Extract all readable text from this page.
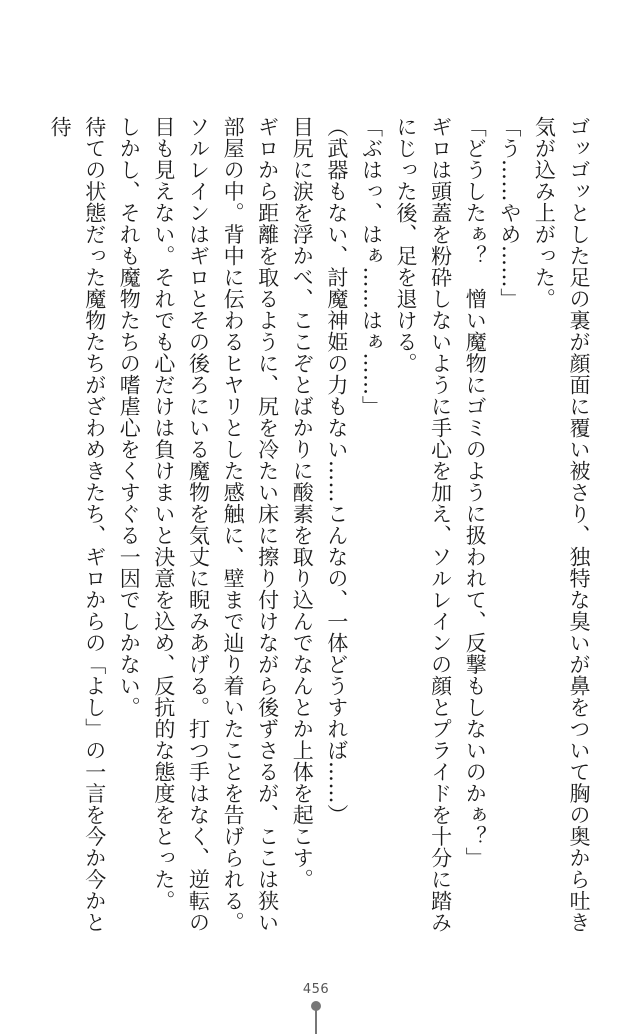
ゴッゴッとした足の裏が顔面に覆い被さり、独特な臭いが鼻をついて胸の奥から吐き気が込み上がった。

「う……やめ……」

「どうしたぁ？　憎い魔物にゴミのように扱われて、反撃もしないのかぁ？」

ギロは頭蓋を粉砕しないように手心を加え、ソルレインの顔とプライドを十分に踏みにじった後、足を退ける。

「ぶはっ、はぁ……はぁ……」

（武器もない、討魔神姫の力もない……こんなの、一体どうすれば……）

目尻に涙を浮かべ、ここぞとばかりに酸素を取り込んでなんとか上体を起こす。

ギロから距離を取るように、尻を冷たい床に擦り付けながら後ずさるが、ここは狭い部屋の中。背中に伝わるヒヤリとした感触に、壁まで辿り着いたことを告げられる。

ソルレインはギロとその後ろにいる魔物を気丈に睨みあげる。打つ手はなく、逆転の目も見えない。それでも心だけは負けまいと決意を込め、反抗的な態度をとった。

しかし、それも魔物たちの嗜虐心をくすぐる一因でしかない。

待ての状態だった魔物たちがざわめきたち、ギロからの「よし」の一言を今か今かと待

456
